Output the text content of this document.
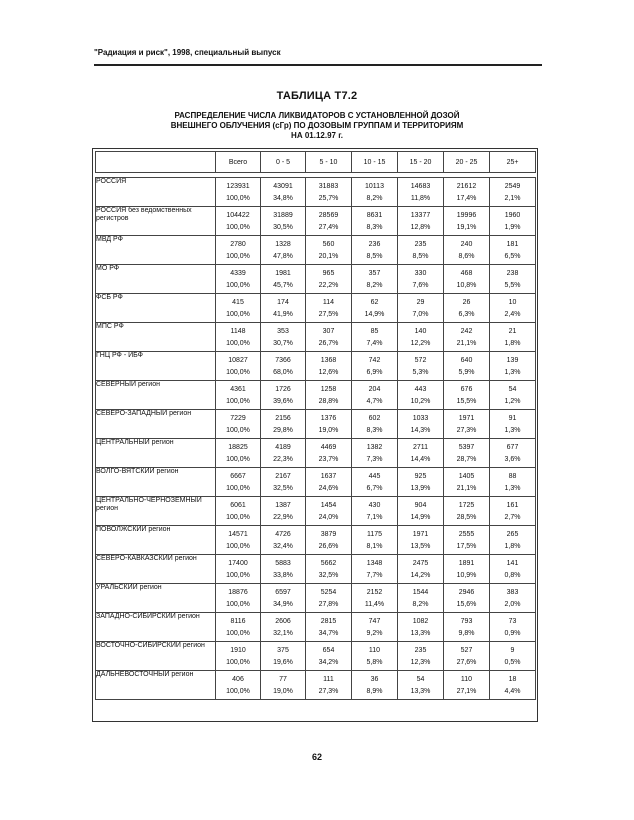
"Радиация и риск", 1998, специальный выпуск
ТАБЛИЦА Т7.2
РАСПРЕДЕЛЕНИЕ ЧИСЛА ЛИКВИДАТОРОВ С УСТАНОВЛЕННОЙ ДОЗОЙ
ВНЕШНЕГО ОБЛУЧЕНИЯ (сГр) ПО ДОЗОВЫМ ГРУППАМ И ТЕРРИТОРИЯМ
НА 01.12.97 г.
	Всего	0 - 5	5 - 10	10 - 15	15 - 20	20 - 25	25+

РОССИЯ	123931	43091	31883	10113	14683	21612	2549
	100,0%	34,8%	25,7%	8,2%	11,8%	17,4%	2,1%
РОССИЯ без ведомственных регистров	104422	31889	28569	8631	13377	19996	1960
	100,0%	30,5%	27,4%	8,3%	12,8%	19,1%	1,9%
МВД РФ	2780	1328	560	236	235	240	181
	100,0%	47,8%	20,1%	8,5%	8,5%	8,6%	6,5%
МО РФ	4339	1981	965	357	330	468	238
	100,0%	45,7%	22,2%	8,2%	7,6%	10,8%	5,5%
ФСБ РФ	415	174	114	62	29	26	10
	100,0%	41,9%	27,5%	14,9%	7,0%	6,3%	2,4%
МПС РФ	1148	353	307	85	140	242	21
	100,0%	30,7%	26,7%	7,4%	12,2%	21,1%	1,8%
ГНЦ РФ - ИБФ	10827	7366	1368	742	572	640	139
	100,0%	68,0%	12,6%	6,9%	5,3%	5,9%	1,3%
СЕВЕРНЫЙ регион	4361	1726	1258	204	443	676	54
	100,0%	39,6%	28,8%	4,7%	10,2%	15,5%	1,2%
СЕВЕРО-ЗАПАДНЫЙ регион	7229	2156	1376	602	1033	1971	91
	100,0%	29,8%	19,0%	8,3%	14,3%	27,3%	1,3%
ЦЕНТРАЛЬНЫЙ регион	18825	4189	4469	1382	2711	5397	677
	100,0%	22,3%	23,7%	7,3%	14,4%	28,7%	3,6%
ВОЛГО-ВЯТСКИЙ регион	6667	2167	1637	445	925	1405	88
	100,0%	32,5%	24,6%	6,7%	13,9%	21,1%	1,3%
ЦЕНТРАЛЬНО-ЧЕРНОЗЕМНЫЙ регион	6061	1387	1454	430	904	1725	161
	100,0%	22,9%	24,0%	7,1%	14,9%	28,5%	2,7%
ПОВОЛЖСКИЙ регион	14571	4726	3879	1175	1971	2555	265
	100,0%	32,4%	26,6%	8,1%	13,5%	17,5%	1,8%
СЕВЕРО-КАВКАЗСКИЙ регион	17400	5883	5662	1348	2475	1891	141
	100,0%	33,8%	32,5%	7,7%	14,2%	10,9%	0,8%
УРАЛЬСКИЙ регион	18876	6597	5254	2152	1544	2946	383
	100,0%	34,9%	27,8%	11,4%	8,2%	15,6%	2,0%
ЗАПАДНО-СИБИРСКИЙ регион	8116	2606	2815	747	1082	793	73
	100,0%	32,1%	34,7%	9,2%	13,3%	9,8%	0,9%
ВОСТОЧНО-СИБИРСКИЙ регион	1910	375	654	110	235	527	9
	100,0%	19,6%	34,2%	5,8%	12,3%	27,6%	0,5%
ДАЛЬНЕВОСТОЧНЫЙ регион	406	77	111	36	54	110	18
	100,0%	19,0%	27,3%	8,9%	13,3%	27,1%	4,4%
62
